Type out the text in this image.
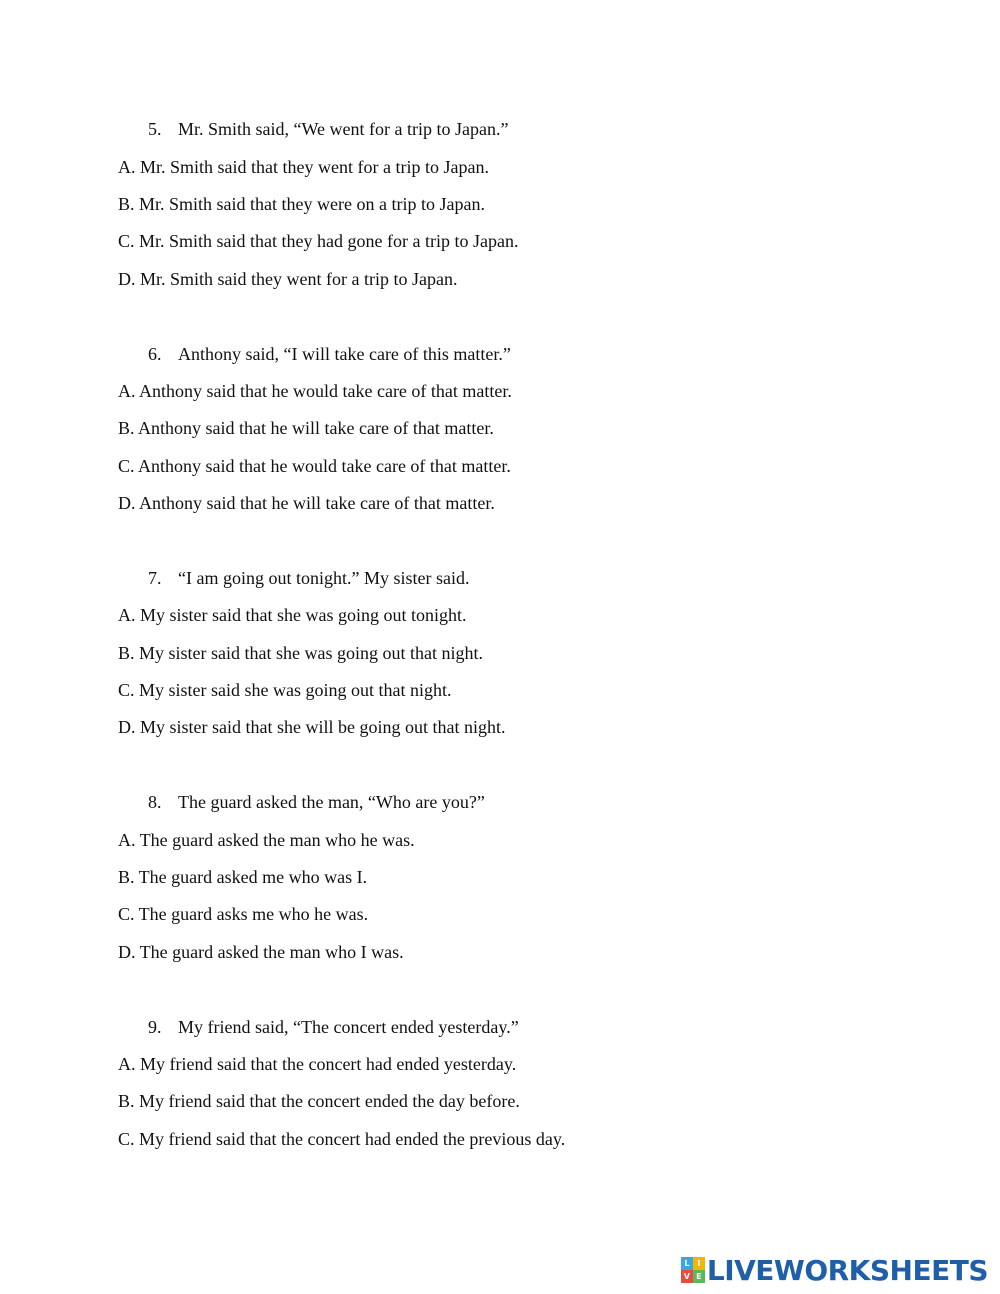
5. Mr. Smith said, “We went for a trip to Japan.”
A. Mr. Smith said that they went for a trip to Japan.
B. Mr. Smith said that they were on a trip to Japan.
C. Mr. Smith said that they had gone for a trip to Japan.
D. Mr. Smith said they went for a trip to Japan.
6. Anthony said, “I will take care of this matter.”
A. Anthony said that he would take care of that matter.
B. Anthony said that he will take care of that matter.
C. Anthony said that he would take care of that matter.
D. Anthony said that he will take care of that matter.
7. “I am going out tonight.” My sister said.
A. My sister said that she was going out tonight.
B. My sister said that she was going out that night.
C. My sister said she was going out that night.
D. My sister said that she will be going out that night.
8. The guard asked the man, “Who are you?”
A. The guard asked the man who he was.
B. The guard asked me who was I.
C. The guard asks me who he was.
D. The guard asked the man who I was.
9. My friend said, “The concert ended yesterday.”
A. My friend said that the concert had ended yesterday.
B. My friend said that the concert ended the day before.
C. My friend said that the concert had ended the previous day.
L I
V E LIVEWORKSHEETS
